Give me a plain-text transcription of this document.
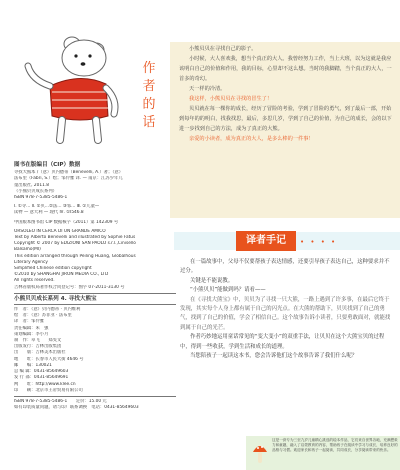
作者的话

小熊贝贝在寻找自己的影子。

小时候，大人喜欢我，想当个真正的大人。我曾经努力工作，当上大班，以为这就是我应该明白自己的价值和作用，我的目标，心里却不这么想。当时的我脚踏，当个真正的大人，一首多的奇幻。

天一样的冷清。

我这样，小熊贝贝在寻找的冒生了！

贝贝就在每一棵你的成长，经历了冒险的考验，学到了冒险的勇气，到了最后一部，开始到每年的的明白，找我找思，最后，多思几岁，学到了自己的价值，为自己的成长，会的以下进一步找到自己的方法，成为了真正的大熊。

亲爱的小读者，成为真正的大人，是多么棒的一件事！

图书在版编目（CIP）数据
寻找大熊本 /（意）贝内德蒂（Benevelli, A.）著；（意）
法布里（Fabri, S.）绘；邹伶雅 译. — 南京：江苏少年儿
童出版社, 2011.8
（小熊贝贝成长系列）
ISBN 978-7-5385-5486-1
Ⅰ. ①寻… Ⅱ. ①贝…②法… ③邹… Ⅲ. ①儿童—
读物 — 意大利 — 现代 Ⅳ. ①I546.8
中国版本图书馆 CIP 数据核字（2011）第 142309 号
ORSOLEO IN CERCA DI UN GRANDE AMICO
Text by Alberto Benevelli and illustrated by Sophie Fatus
Copyright © 2007 by EDIZIONI SAN PAOLO s.r.l.,Cinisello
Balsamo(MI)
This edition arranged through Peiling Huang, Globalhous
Literary Agency
Simplified Chinese edition copyright
©2010 by SHANGHAI JIRON MEDIA CO., LTD
All rights reserved.
吉林省版权局著作权合同登记号：图字 07-2011-3130 号
小熊贝贝成长系列 4. 寻找大熊宝
作　者：（意）贝内德蒂 · 贝内维利
绘　者：（意）苏菲亚 · 法布里
译　者：邹伶雅
责任编辑：朱　强
策划编辑：李小月
制　作：卓飞　　郑雯文
出版发行：吉林出版集团
出　　版：吉林美术出版社
地　　址：长春市人民大街 4646 号
邮　　编：130021
总 编 辑：0431-85649603
发 行 部：0431-85649691
网　　址：http://www.klee.cn
印　　刷：北京市王帝贸易有限公司
ISBN 978-7-5385-5486-1　　定价：15.00 元
如有印装质量问题，请与印厂联系调换　电话：0431-85649603
译者手记	• • • •

在一篇故事中，父母不仅要帮孩子表达情感，还要引导孩子表达自己，这种要求并不过分。

关键是不能说教。

“小熊贝贝”能做到吗？请看——

在《寻找大熊宝》中，贝贝为了寻找一只大熊，一路上遇到了许多事，在最后它终于发现，其实每个人身上都有属于自己的闪光点。在大熊的帮助下，贝贝找到了自己的勇气，找到了自己的价值，学会了相信自己。这个故事告诉小读者，只要勇敢面对，就能找到属于自己的光芒。

作者巧妙地运用童话常见的“变大变小”的双重手法，让贝贝在这个大熊宝贝的过程中，得到一些收获，学到生活和成长的道理。

当您陪孩子一起读这本书，您会告诉他们这个故事告诉了我们什么呢？

这是一套专为三至九岁儿童精心挑选的绘本作品，它们来自世界各地，充满想象力和童趣，融入了启蒙教育的内容，帮助孩子在阅读中学习与成长，培养良好的品格与习惯。欢迎家长和孩子一起阅读，共同成长，分享阅读带来的快乐。
